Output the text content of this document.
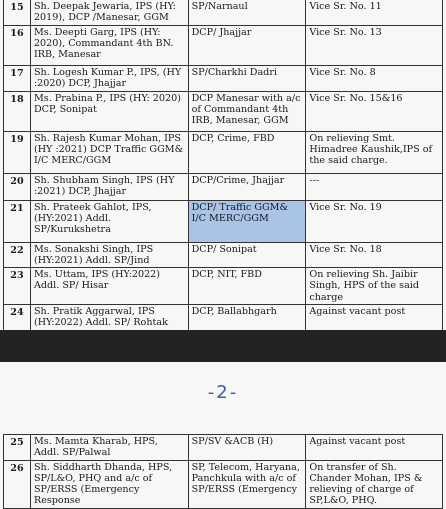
15	Sh. Deepak Jewaria, IPS (HY: 2019), DCP /Manesar, GGM	SP/Narnaul	Vice Sr. No. 11
16	Ms. Deepti Garg, IPS (HY: 2020), Commandant 4th BN. IRB, Manesar	DCP/ Jhajjar	Vice Sr. No. 13
17	Sh. Logesh Kumar P., IPS, (HY :2020) DCP, Jhajjar	SP/Charkhi Dadri	Vice Sr. No. 8
18	Ms. Prabina P., IPS (HY: 2020) DCP, Sonipat	DCP Manesar with a/c of Commandant 4th IRB, Manesar, GGM	Vice Sr. No. 15&16
19	Sh. Rajesh Kumar Mohan, IPS (HY :2021) DCP Traffic GGM& I/C MERC/GGM	DCP, Crime, FBD	On relieving Smt. Himadree Kaushik,IPS of the said charge.
20	Sh. Shubham Singh, IPS (HY :2021) DCP, Jhajjar	DCP/Crime, Jhajjar	---
21	Sh. Prateek Gahlot, IPS, (HY:2021) Addl. SP/Kurukshetra	DCP/ Traffic GGM& I/C MERC/GGM	Vice Sr. No. 19
22	Ms. Sonakshi Singh, IPS (HY:2021) Addl. SP/Jind	DCP/ Sonipat	Vice Sr. No. 18
23	Ms. Uttam, IPS (HY:2022) Addl. SP/ Hisar	DCP, NIT, FBD	On relieving Sh. Jaibir Singh, HPS of the said charge
24	Sh. Pratik Aggarwal, IPS (HY:2022) Addl. SP/ Rohtak	DCP, Ballabhgarh	Against vacant post
-2-
25	Ms. Mamta Kharab, HPS, Addl. SP/Palwal	SP/SV &ACB (H)	Against vacant post
26	Sh. Siddharth Dhanda, HPS, SP/L&O, PHQ and a/c of SP/ERSS (Emergency Response	SP, Telecom, Haryana, Panchkula with a/c of SP/ERSS (Emergency	On transfer of Sh. Chander Mohan, IPS & relieving of charge of SP,L&O, PHQ.
